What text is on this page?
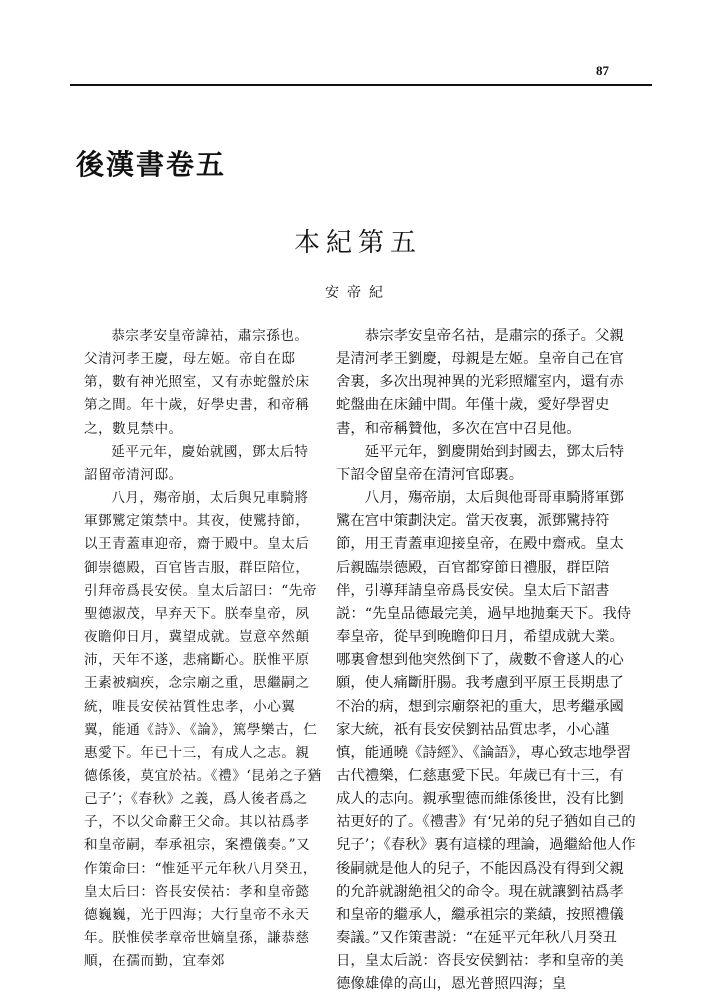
87
後漢書卷五
本紀第五
安帝紀

恭宗孝安皇帝諱祜，肅宗孫也。父清河孝王慶，母左姬。帝自在邸第，數有神光照室，又有赤蛇盤於床第之間。年十歲，好學史書，和帝稱之，數見禁中。

延平元年，慶始就國，鄧太后特詔留帝清河邸。

八月，殤帝崩，太后與兄車騎將軍鄧騭定策禁中。其夜，使騭持節，以王青蓋車迎帝，齋于殿中。皇太后御崇德殿，百官皆吉服，群臣陪位，引拜帝爲長安侯。皇太后詔曰：“先帝聖德淑茂，早弃天下。朕奉皇帝，夙夜瞻仰日月，冀望成就。豈意卒然顛沛，天年不遂，悲痛斷心。朕惟平原王素被痼疾，念宗廟之重，思繼嗣之統，唯長安侯祜質性忠孝，小心翼翼，能通《詩》、《論》，篤學樂古，仁惠愛下。年已十三，有成人之志。親德係後，莫宜於祜。《禮》‘昆弟之子猶己子’；《春秋》之義，爲人後者爲之子，不以父命辭王父命。其以祜爲孝和皇帝嗣，奉承祖宗，案禮儀奏。”又作策命曰：“惟延平元年秋八月癸丑，皇太后曰：咨長安侯祜：孝和皇帝懿德巍巍，光于四海；大行皇帝不永天年。朕惟侯孝章帝世嫡皇孫，謙恭慈順，在孺而勤，宜奉郊

恭宗孝安皇帝名祜，是肅宗的孫子。父親是清河孝王劉慶，母親是左姬。皇帝自己在官舍裏，多次出現神異的光彩照耀室内，還有赤蛇盤曲在床鋪中間。年僅十歲，愛好學習史書，和帝稱贊他，多次在宫中召見他。

延平元年，劉慶開始到封國去，鄧太后特下詔令留皇帝在清河官邸裏。

八月，殤帝崩，太后與他哥哥車騎將軍鄧騭在宫中策劃決定。當天夜裏，派鄧騭持符節，用王青蓋車迎接皇帝，在殿中齋戒。皇太后親臨崇德殿，百官都穿節日禮服，群臣陪伴，引導拜請皇帝爲長安侯。皇太后下詔書説：“先皇品德最完美，過早地抛棄天下。我侍奉皇帝，從早到晚瞻仰日月，希望成就大業。哪裏會想到他突然倒下了，歲數不會遂人的心願，使人痛斷肝腸。我考慮到平原王長期患了不治的病，想到宗廟祭祀的重大，思考繼承國家大統，祇有長安侯劉祜品質忠孝，小心謹慎，能通曉《詩經》、《論語》，專心致志地學習古代禮樂，仁慈惠愛下民。年歲已有十三，有成人的志向。親承聖德而維係後世，没有比劉祜更好的了。《禮書》有‘兄弟的兒子猶如自己的兒子’；《春秋》裏有這樣的理論，過繼給他人作後嗣就是他人的兒子，不能因爲没有得到父親的允許就謝絶祖父的命令。現在就讓劉祜爲孝和皇帝的繼承人，繼承祖宗的業績，按照禮儀奏議。”又作策書説：“在延平元年秋八月癸丑日，皇太后説：咨長安侯劉祜：孝和皇帝的美德像雄偉的高山，恩光普照四海；皇
